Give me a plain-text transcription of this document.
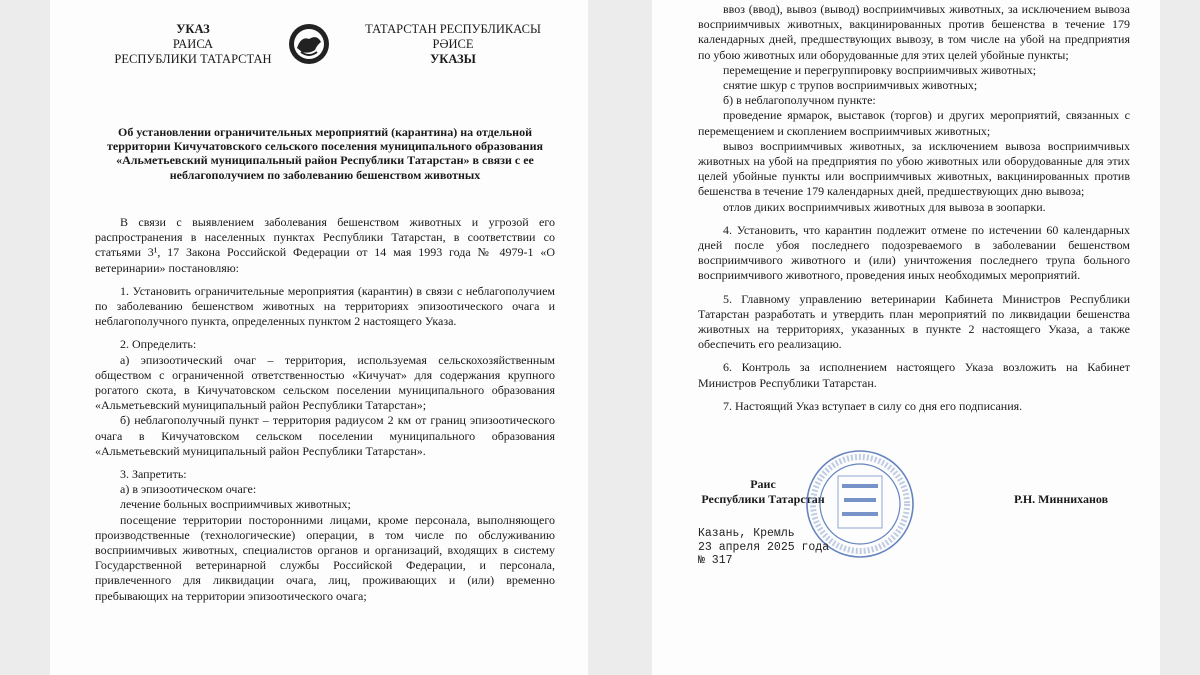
УКАЗ
РАИСА
РЕСПУБЛИКИ ТАТАРСТАН
ТАТАРСТАН РЕСПУБЛИКАСЫ
РӘИСЕ
УКАЗЫ
Об установлении ограничительных мероприятий (карантина) на отдельной территории Кичучатовского сельского поселения муниципального образования «Альметьевский муниципальный район Республики Татарстан» в связи с ее неблагополучием по заболеванию бешенством животных

В связи с выявлением заболевания бешенством животных и угрозой его распространения в населенных пунктах Республики Татарстан, в соответствии со статьями 3¹, 17 Закона Российской Федерации от 14 мая 1993 года № 4979-1 «О ветеринарии» постановляю:

1. Установить ограничительные мероприятия (карантин) в связи с неблагополучием по заболеванию бешенством животных на территориях эпизоотического очага и неблагополучного пункта, определенных пунктом 2 настоящего Указа.

2. Определить:

а) эпизоотический очаг – территория, используемая сельскохозяйственным обществом с ограниченной ответственностью «Кичучат» для содержания крупного рогатого скота, в Кичучатовском сельском поселении муниципального образования «Альметьевский муниципальный район Республики Татарстан»;

б) неблагополучный пункт – территория радиусом 2 км от границ эпизоотического очага в Кичучатовском сельском поселении муниципального образования «Альметьевский муниципальный район Республики Татарстан».

3. Запретить:

а) в эпизоотическом очаге:

лечение больных восприимчивых животных;

посещение территории посторонними лицами, кроме персонала, выполняющего производственные (технологические) операции, в том числе по обслуживанию восприимчивых животных, специалистов органов и организаций, входящих в систему Государственной ветеринарной службы Российской Федерации, и персонала, привлеченного для ликвидации очага, лиц, проживающих и (или) временно пребывающих на территории эпизоотического очага;

ввоз (ввод), вывоз (вывод) восприимчивых животных, за исключением вывоза восприимчивых животных, вакцинированных против бешенства в течение 179 календарных дней, предшествующих вывозу, в том числе на убой на предприятия по убою животных или оборудованные для этих целей убойные пункты;

перемещение и перегруппировку восприимчивых животных;

снятие шкур с трупов восприимчивых животных;

б) в неблагополучном пункте:

проведение ярмарок, выставок (торгов) и других мероприятий, связанных с перемещением и скоплением восприимчивых животных;

вывоз восприимчивых животных, за исключением вывоза восприимчивых животных на убой на предприятия по убою животных или оборудованные для этих целей убойные пункты или восприимчивых животных, вакцинированных против бешенства в течение 179 календарных дней, предшествующих дню вывоза;

отлов диких восприимчивых животных для вывоза в зоопарки.

4. Установить, что карантин подлежит отмене по истечении 60 календарных дней после убоя последнего подозреваемого в заболевании бешенством восприимчивого животного и (или) уничтожения последнего трупа больного восприимчивого животного, проведения иных необходимых мероприятий.

5. Главному управлению ветеринарии Кабинета Министров Республики Татарстан разработать и утвердить план мероприятий по ликвидации бешенства животных на территориях, указанных в пункте 2 настоящего Указа, а также обеспечить его реализацию.

6. Контроль за исполнением настоящего Указа возложить на Кабинет Министров Республики Татарстан.

7. Настоящий Указ вступает в силу со дня его подписания.

Раис
Республики Татарстан	Р.Н. Минниханов
Казань, Кремль
23 апреля 2025 года
№ 317
